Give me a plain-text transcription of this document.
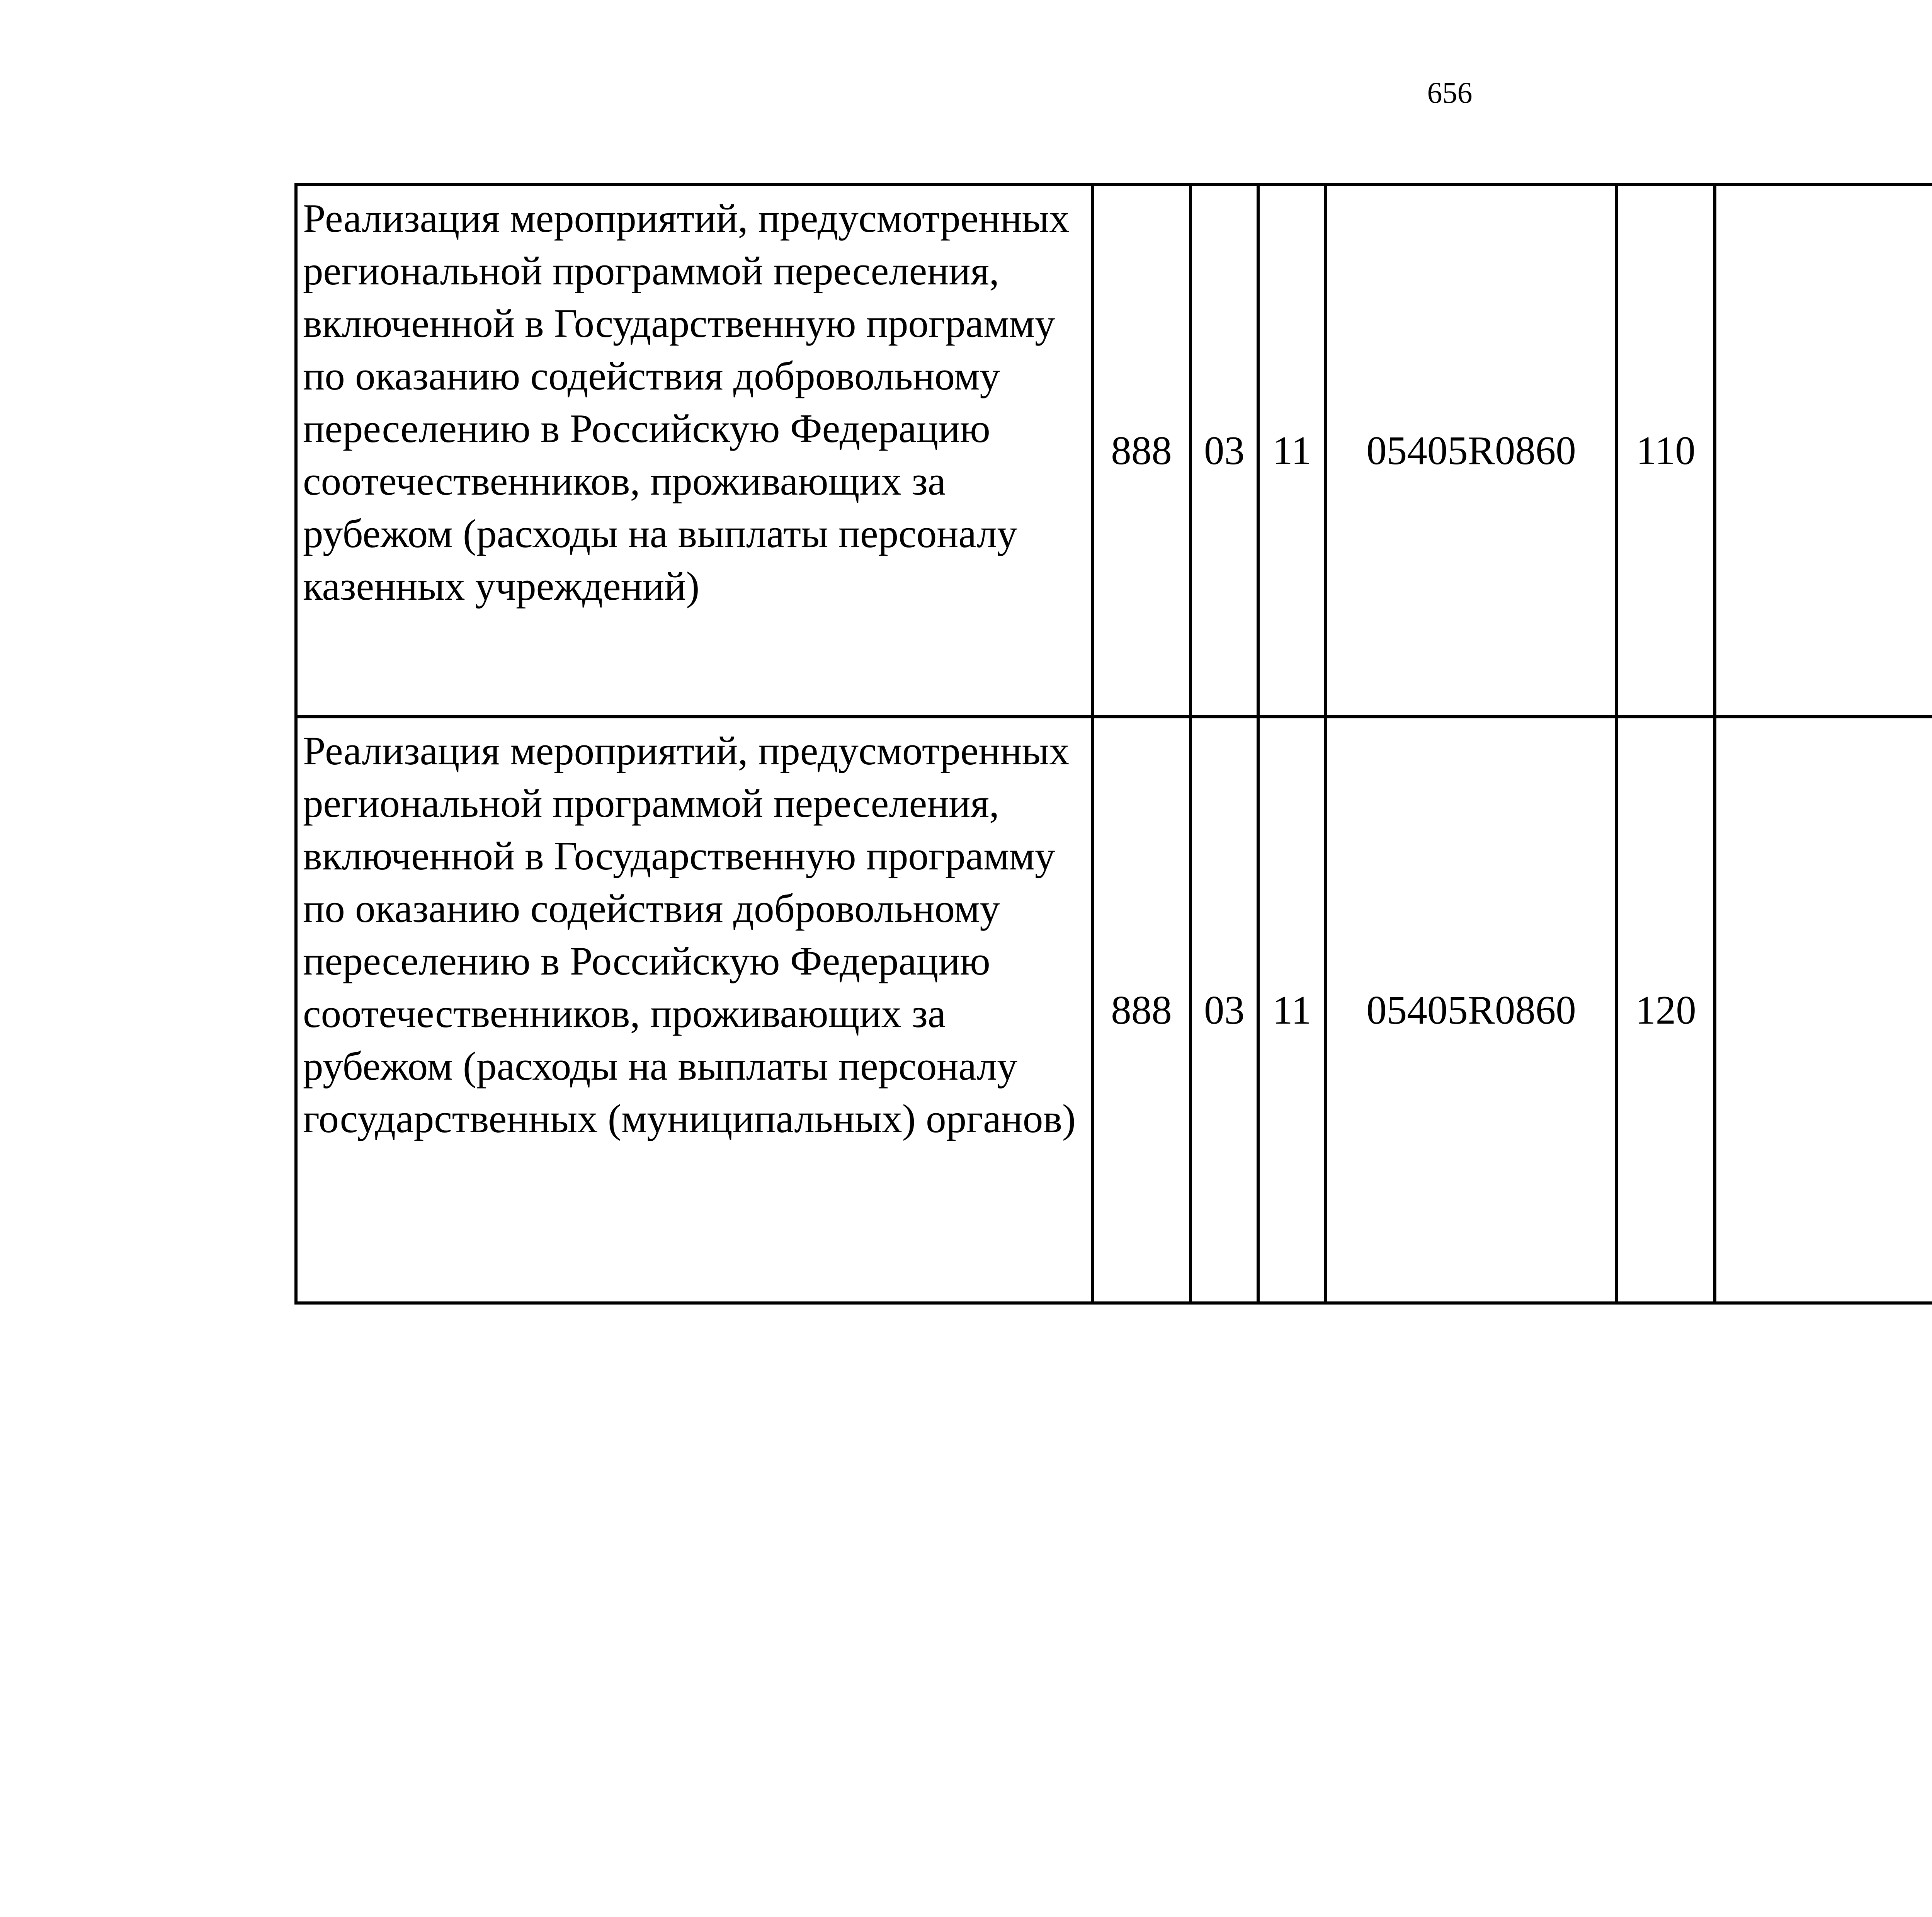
656
Реализация мероприятий, предусмотренных региональной программой переселения, включенной в Государственную программу по оказанию содействия добровольному переселению в Российскую Федерацию соотечественников, проживающих за рубежом (расходы на выплаты персоналу казенных учреждений)	888	03	11	05405R0860	110			
Реализация мероприятий, предусмотренных региональной программой переселения, включенной в Государственную программу по оказанию содействия добровольному переселению в Российскую Федерацию соотечественников, проживающих за рубежом (расходы на выплаты персоналу государственных (муниципальных) органов)	888	03	11	05405R0860	120			
